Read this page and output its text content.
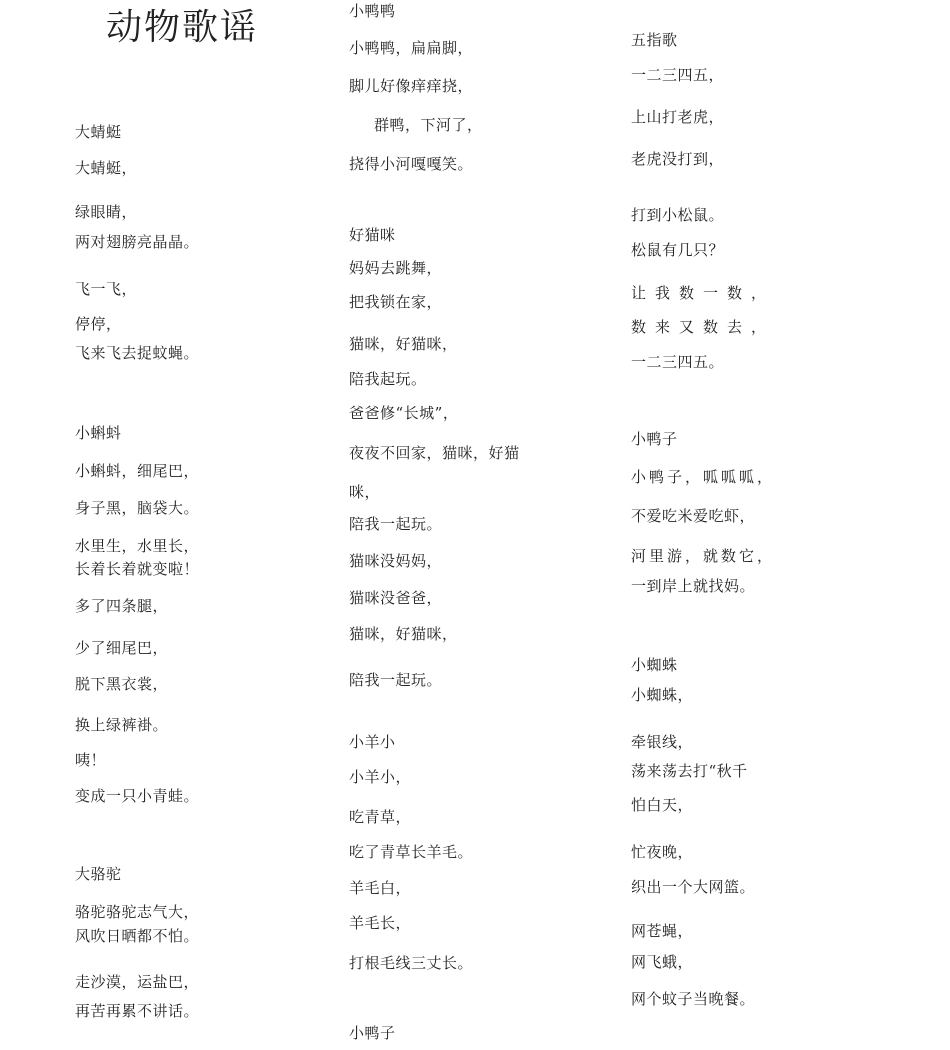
动物歌谣
大蜻蜓
大蜻蜓，
绿眼睛，
两对翅膀亮晶晶。
飞一飞，
停停，
飞来飞去捉蚊蝇。
小蝌蚪
小蝌蚪，细尾巴，
身子黑，脑袋大。
水里生，水里长，
长着长着就变啦！
多了四条腿，
少了细尾巴，
脱下黑衣裳，
换上绿裤褂。
咦！
变成一只小青蛙。
大骆驼
骆驼骆驼志气大，
风吹日晒都不怕。
走沙漠，运盐巴，
再苦再累不讲话。
小鸭鸭
小鸭鸭，扁扁脚，
脚儿好像痒痒挠，
群鸭，下河了，
挠得小河嘎嘎笑。
好猫咪
妈妈去跳舞，
把我锁在家，
猫咪，好猫咪，
陪我起玩。
爸爸修“长城”，
夜夜不回家，猫咪，好猫
咪，
陪我一起玩。
猫咪没妈妈，
猫咪没爸爸，
猫咪，好猫咪，
陪我一起玩。
小羊小
小羊小，
吃青草，
吃了青草长羊毛。
羊毛白，
羊毛长，
打根毛线三丈长。
小鸭子
五指歌
一二三四五，
上山打老虎，
老虎没打到，
打到小松鼠。
松鼠有几只？
让我数一数，
数来又数去，
一二三四五。
小鸭子
小鸭子，呱呱呱，
不爱吃米爱吃虾，
河里游，就数它，
一到岸上就找妈。
小蜘蛛
小蜘蛛，
牵银线，
荡来荡去打“秋千
怕白天，
忙夜晚，
织出一个大网篮。
网苍蝇，
网飞蛾，
网个蚊子当晚餐。
